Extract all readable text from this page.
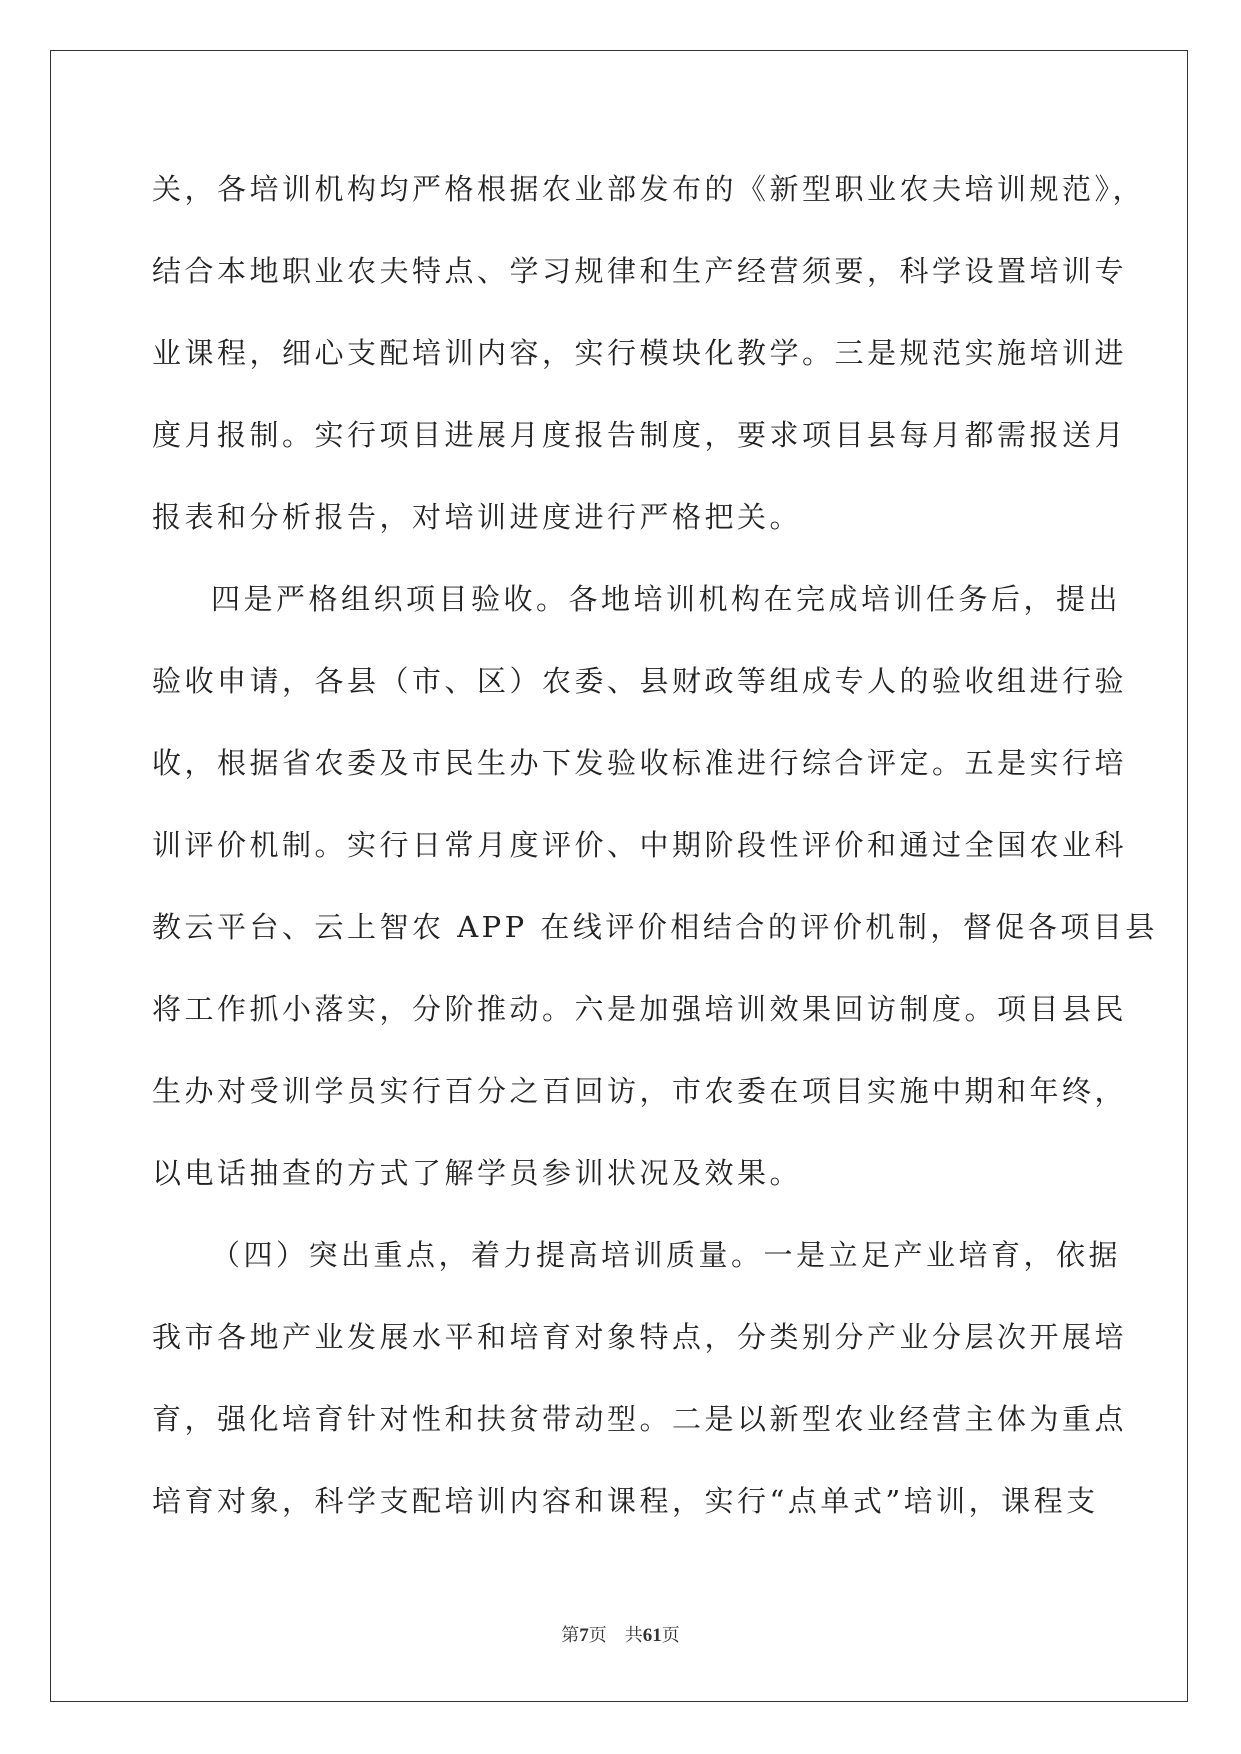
关，各培训机构均严格根据农业部发布的《新型职业农夫培训规范》，
结合本地职业农夫特点、学习规律和生产经营须要，科学设置培训专
业课程，细心支配培训内容，实行模块化教学。三是规范实施培训进
度月报制。实行项目进展月度报告制度，要求项目县每月都需报送月
报表和分析报告，对培训进度进行严格把关。
四是严格组织项目验收。各地培训机构在完成培训任务后，提出
验收申请，各县（市、区）农委、县财政等组成专人的验收组进行验
收，根据省农委及市民生办下发验收标准进行综合评定。五是实行培
训评价机制。实行日常月度评价、中期阶段性评价和通过全国农业科
教云平台、云上智农 APP 在线评价相结合的评价机制，督促各项目县
将工作抓小落实，分阶推动。六是加强培训效果回访制度。项目县民
生办对受训学员实行百分之百回访，市农委在项目实施中期和年终，
以电话抽查的方式了解学员参训状况及效果。
（四）突出重点，着力提高培训质量。一是立足产业培育，依据
我市各地产业发展水平和培育对象特点，分类别分产业分层次开展培
育，强化培育针对性和扶贫带动型。二是以新型农业经营主体为重点
培育对象，科学支配培训内容和课程，实行“点单式”培训，课程支
第7页 共61页
